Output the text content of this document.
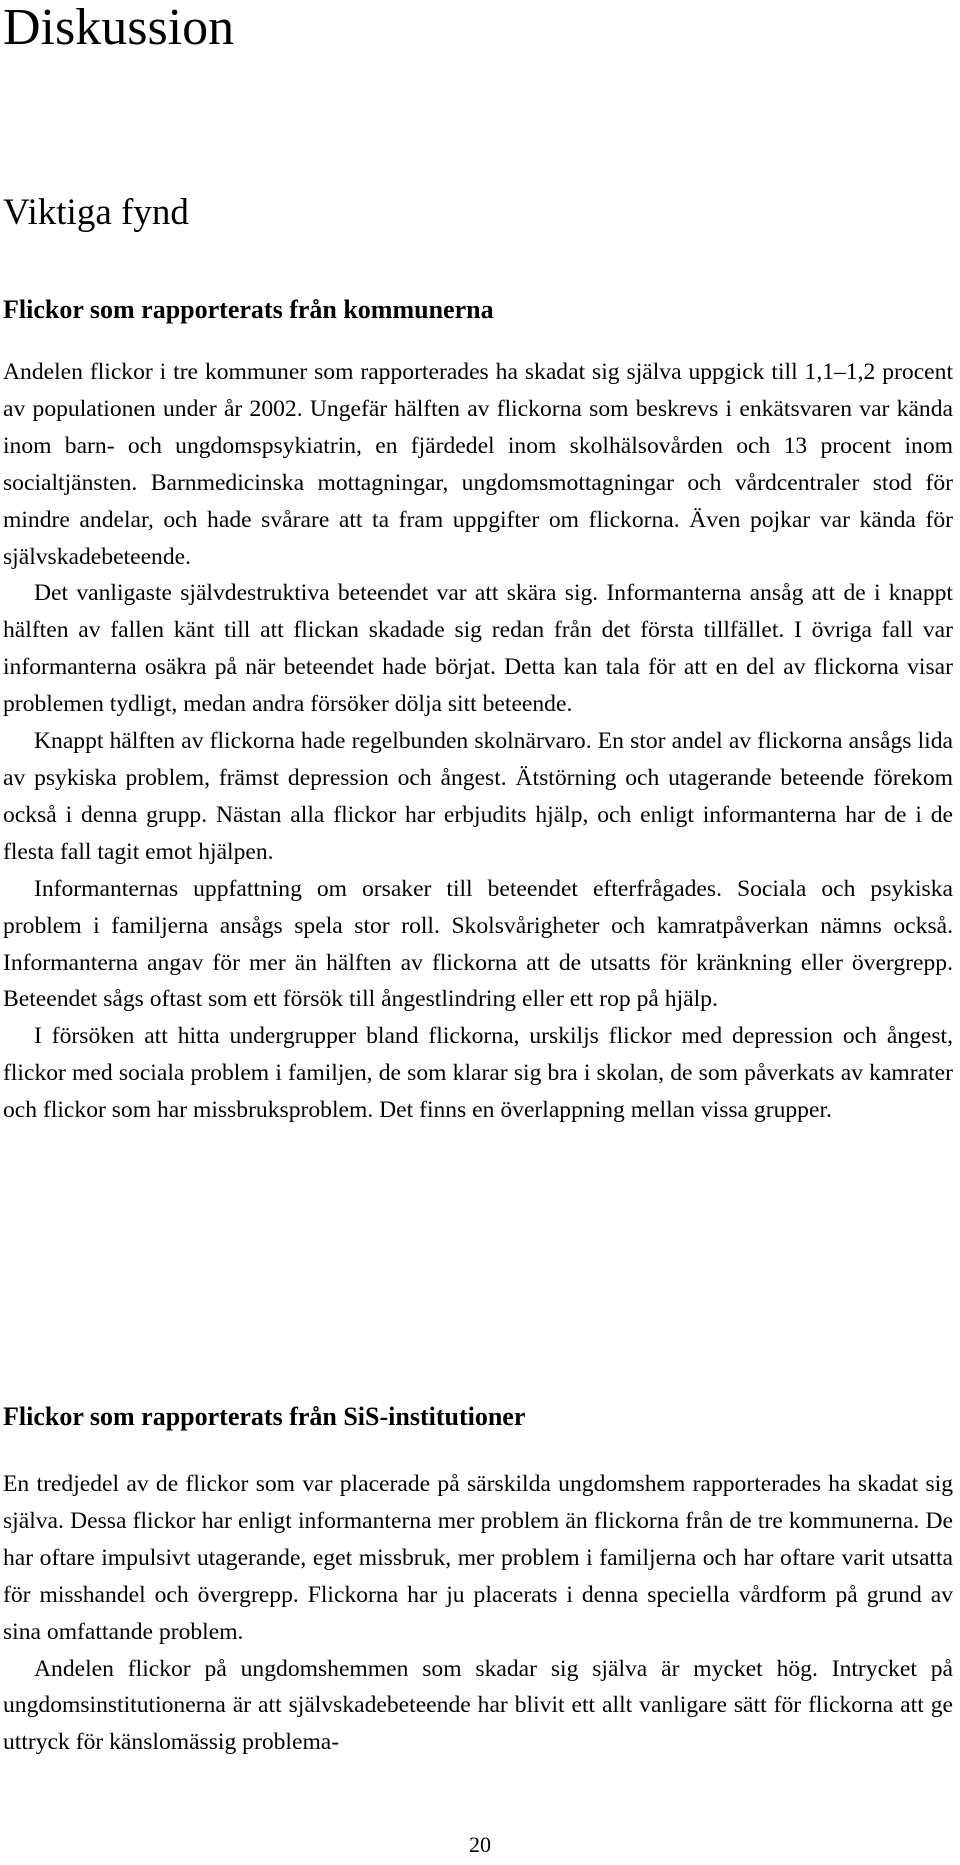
Diskussion
Viktiga fynd
Flickor som rapporterats från kommunerna

Andelen flickor i tre kommuner som rapporterades ha skadat sig själva uppgick till 1,1–1,2 procent av populationen under år 2002. Ungefär hälften av flickorna som beskrevs i enkätsvaren var kända inom barn- och ungdomspsykiatrin, en fjärdedel inom skolhälsovården och 13 procent inom socialtjänsten. Barnmedicinska mottagningar, ungdomsmottagningar och vårdcentraler stod för mindre andelar, och hade svårare att ta fram uppgifter om flickorna. Även pojkar var kända för självskadebeteende.

Det vanligaste självdestruktiva beteendet var att skära sig. Informanterna ansåg att de i knappt hälften av fallen känt till att flickan skadade sig redan från det första tillfället. I övriga fall var informanterna osäkra på när beteendet hade börjat. Detta kan tala för att en del av flickorna visar problemen tydligt, medan andra försöker dölja sitt beteende.

Knappt hälften av flickorna hade regelbunden skolnärvaro. En stor andel av flickorna ansågs lida av psykiska problem, främst depression och ångest. Ätstörning och utagerande beteende förekom också i denna grupp. Nästan alla flickor har erbjudits hjälp, och enligt informanterna har de i de flesta fall tagit emot hjälpen.

Informanternas uppfattning om orsaker till beteendet efterfrågades. Sociala och psykiska problem i familjerna ansågs spela stor roll. Skolsvårigheter och kamratpåverkan nämns också. Informanterna angav för mer än hälften av flickorna att de utsatts för kränkning eller övergrepp. Beteendet sågs oftast som ett försök till ångestlindring eller ett rop på hjälp.

I försöken att hitta undergrupper bland flickorna, urskiljs flickor med depression och ångest, flickor med sociala problem i familjen, de som klarar sig bra i skolan, de som påverkats av kamrater och flickor som har missbruksproblem. Det finns en överlappning mellan vissa grupper.

Flickor som rapporterats från SiS-institutioner

En tredjedel av de flickor som var placerade på särskilda ungdomshem rapporterades ha skadat sig själva. Dessa flickor har enligt informanterna mer problem än flickorna från de tre kommunerna. De har oftare impulsivt utagerande, eget missbruk, mer problem i familjerna och har oftare varit utsatta för misshandel och övergrepp. Flickorna har ju placerats i denna speciella vårdform på grund av sina omfattande problem.

Andelen flickor på ungdomshemmen som skadar sig själva är mycket hög. Intrycket på ungdomsinstitutionerna är att självskadebeteende har blivit ett allt vanligare sätt för flickorna att ge uttryck för känslomässig problema-

20
